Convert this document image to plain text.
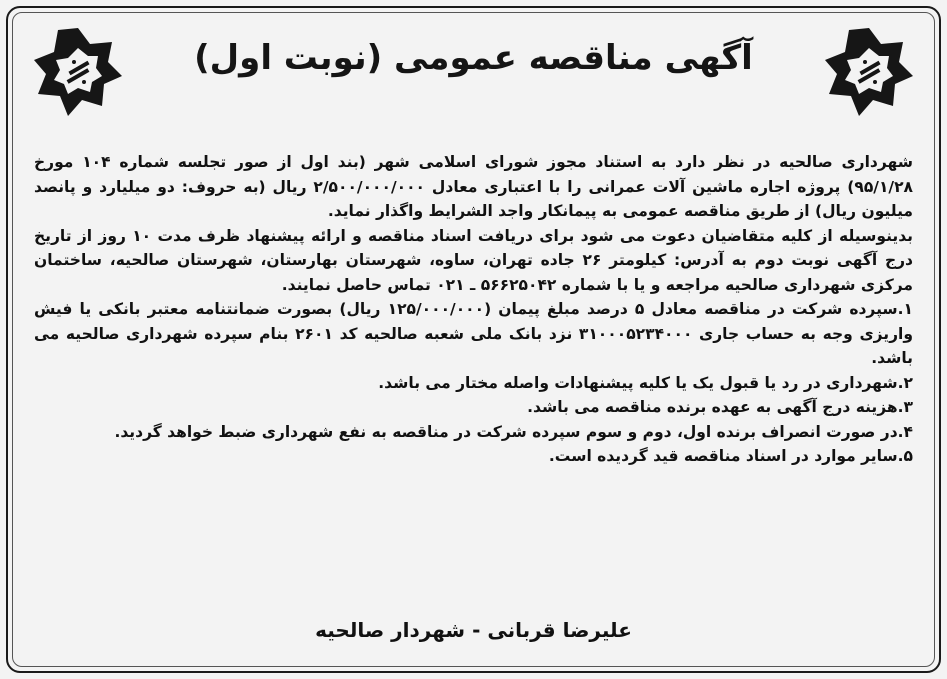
آگهی مناقصه عمومی (نوبت اول)

شهرداری صالحیه در نظر دارد به استناد مجوز شورای اسلامی شهر (بند اول از صور تجلسه شماره ۱۰۴ مورخ ۹۵/۱/۲۸) پروژه اجاره ماشین آلات عمرانی را با اعتباری معادل ۲/۵۰۰/۰۰۰/۰۰۰ ریال (به حروف: دو میلیارد و پانصد میلیون ریال) از طریق مناقصه عمومی به پیمانکار واجد الشرایط واگذار نماید.

بدینوسیله از کلیه متقاضیان دعوت می شود برای دریافت اسناد مناقصه و ارائه پیشنهاد ظرف مدت ۱۰ روز از تاریخ درج آگهی نوبت دوم به آدرس: کیلومتر ۲۶ جاده تهران، ساوه، شهرستان بهارستان، شهرستان صالحیه، ساختمان مرکزی شهرداری صالحیه مراجعه و یا با شماره ۵۶۶۲۵۰۴۲ ـ ۰۲۱ تماس حاصل نمایند.

۱.سپرده شرکت در مناقصه معادل ۵ درصد مبلغ پیمان (۱۲۵/۰۰۰/۰۰۰ ریال) بصورت ضمانتنامه معتبر بانکی یا فیش واریزی وجه به حساب جاری ۳۱۰۰۰۵۲۳۴۰۰۰ نزد بانک ملی شعبه صالحیه کد ۲۶۰۱ بنام سپرده شهرداری صالحیه می باشد.
۲.شهرداری در رد یا قبول یک یا کلیه پیشنهادات واصله مختار می باشد.
۳.هزینه درج آگهی به عهده برنده مناقصه می باشد.
۴.در صورت انصراف برنده اول، دوم و سوم سپرده شرکت در مناقصه به نفع شهرداری ضبط خواهد گردید.
۵.سایر موارد در اسناد مناقصه قید گردیده است.
علیرضا قربانی - شهردار صالحیه
